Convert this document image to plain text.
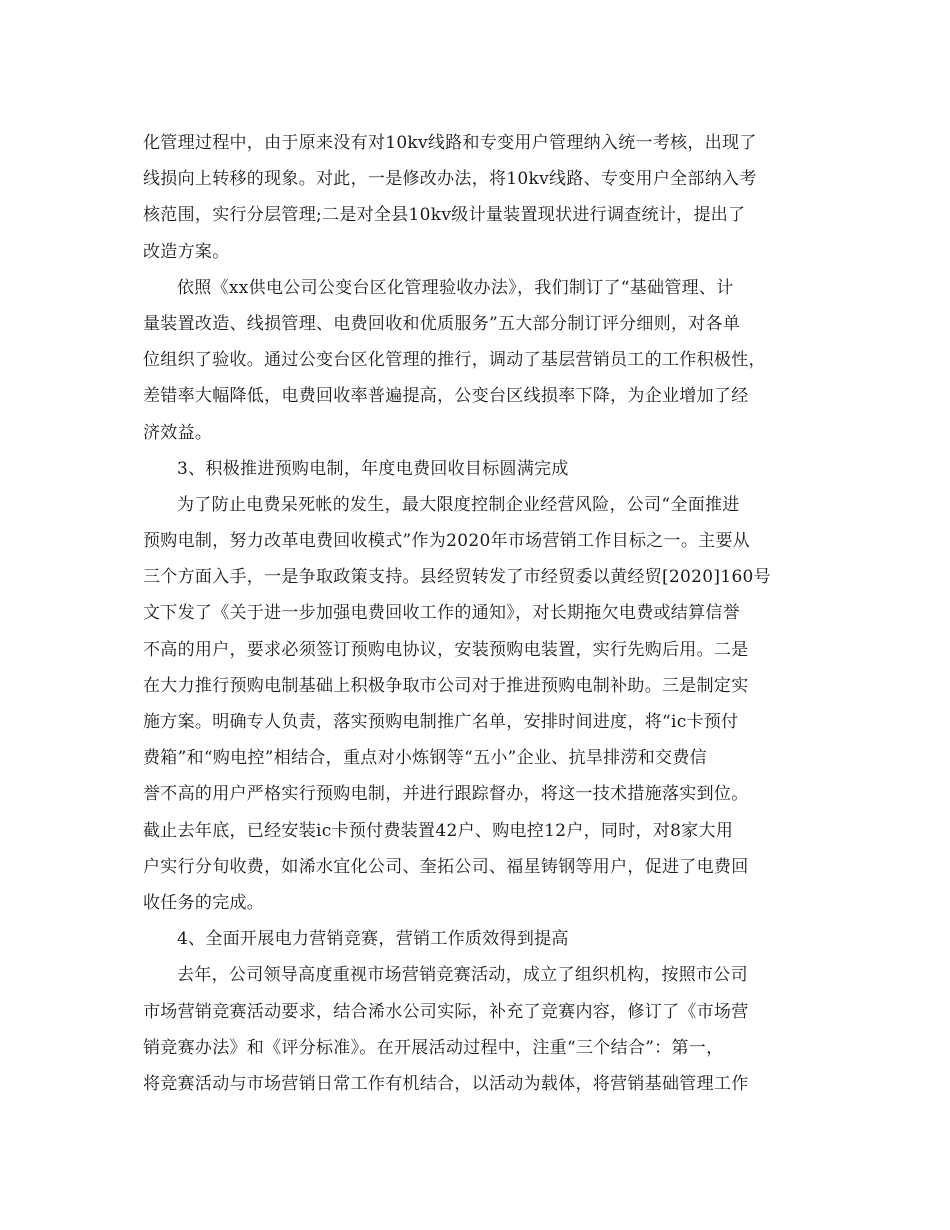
化管理过程中，由于原来没有对10kv线路和专变用户管理纳入统一考核，出现了
线损向上转移的现象。对此，一是修改办法，将10kv线路、专变用户全部纳入考
核范围，实行分层管理;二是对全县10kv级计量装置现状进行调查统计，提出了
改造方案。
依照《xx供电公司公变台区化管理验收办法》，我们制订了“基础管理、计
量装置改造、线损管理、电费回收和优质服务”五大部分制订评分细则，对各单
位组织了验收。通过公变台区化管理的推行，调动了基层营销员工的工作积极性，
差错率大幅降低，电费回收率普遍提高，公变台区线损率下降，为企业增加了经
济效益。
3、积极推进预购电制，年度电费回收目标圆满完成
为了防止电费呆死帐的发生，最大限度控制企业经营风险，公司“全面推进
预购电制，努力改革电费回收模式”作为2020年市场营销工作目标之一。主要从
三个方面入手，一是争取政策支持。县经贸转发了市经贸委以黄经贸[2020]160号
文下发了《关于进一步加强电费回收工作的通知》，对长期拖欠电费或结算信誉
不高的用户，要求必须签订预购电协议，安装预购电装置，实行先购后用。二是
在大力推行预购电制基础上积极争取市公司对于推进预购电制补助。三是制定实
施方案。明确专人负责，落实预购电制推广名单，安排时间进度，将“ic卡预付
费箱”和“购电控”相结合，重点对小炼钢等“五小”企业、抗旱排涝和交费信
誉不高的用户严格实行预购电制，并进行跟踪督办，将这一技术措施落实到位。
截止去年底，已经安装ic卡预付费装置42户、购电控12户，同时，对8家大用
户实行分旬收费，如浠水宜化公司、奎拓公司、福星铸钢等用户，促进了电费回
收任务的完成。
4、全面开展电力营销竞赛，营销工作质效得到提高
去年，公司领导高度重视市场营销竞赛活动，成立了组织机构，按照市公司
市场营销竞赛活动要求，结合浠水公司实际，补充了竞赛内容，修订了《市场营
销竞赛办法》和《评分标准》。在开展活动过程中，注重“三个结合”：第一，
将竞赛活动与市场营销日常工作有机结合，以活动为载体，将营销基础管理工作
